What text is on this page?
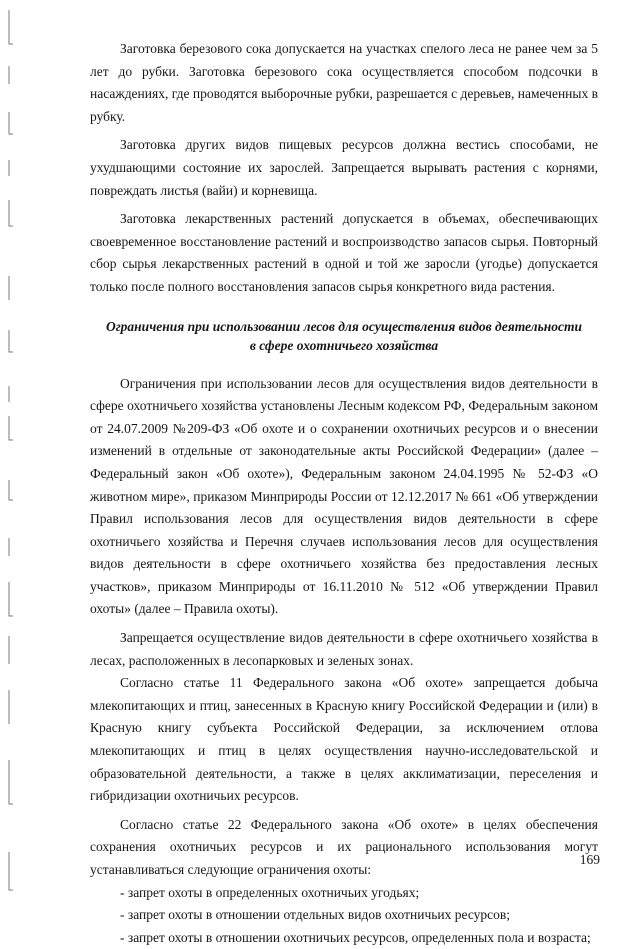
Заготовка березового сока допускается на участках спелого леса не ранее чем за 5 лет до рубки. Заготовка березового сока осуществляется способом подсочки в насаждениях, где проводятся выборочные рубки, разрешается с деревьев, намеченных в рубку.

Заготовка других видов пищевых ресурсов должна вестись способами, не ухудшающими состояние их зарослей. Запрещается вырывать растения с корнями, повреждать листья (вайи) и корневища.

Заготовка лекарственных растений допускается в объемах, обеспечивающих своевременное восстановление растений и воспроизводство запасов сырья. Повторный сбор сырья лекарственных растений в одной и той же заросли (угодье) допускается только после полного восстановления запасов сырья конкретного вида растения.

Ограничения при использовании лесов для осуществления видов деятельности
в сфере охотничьего хозяйства

Ограничения при использовании лесов для осуществления видов деятельности в сфере охотничьего хозяйства установлены Лесным кодексом РФ, Федеральным законом от 24.07.2009 №209-ФЗ «Об охоте и о сохранении охотничьих ресурсов и о внесении изменений в отдельные от законодательные акты Российской Федерации» (далее – Федеральный закон «Об охоте»), Федеральным законом 24.04.1995 № 52-ФЗ «О животном мире», приказом Минприроды России от 12.12.2017 № 661 «Об утверждении Правил использования лесов для осуществления видов деятельности в сфере охотничьего хозяйства и Перечня случаев использования лесов для осуществления видов деятельности в сфере охотничьего хозяйства без предоставления лесных участков», приказом Минприроды от 16.11.2010 № 512 «Об утверждении Правил охоты» (далее – Правила охоты).

Запрещается осуществление видов деятельности в сфере охотничьего хозяйства в лесах, расположенных в лесопарковых и зеленых зонах.

Согласно статье 11 Федерального закона «Об охоте» запрещается добыча млекопитающих и птиц, занесенных в Красную книгу Российской Федерации и (или) в Красную книгу субъекта Российской Федерации, за исключением отлова млекопитающих и птиц в целях осуществления научно-исследовательской и образовательной деятельности, а также в целях акклиматизации, переселения и гибридизации охотничьих ресурсов.

Согласно статье 22 Федерального закона «Об охоте» в целях обеспечения сохранения охотничьих ресурсов и их рационального использования могут устанавливаться следующие ограничения охоты:

- запрет охоты в определенных охотничьих угодьях;
- запрет охоты в отношении отдельных видов охотничьих ресурсов;
- запрет охоты в отношении охотничьих ресурсов, определенных пола и возраста;
169
